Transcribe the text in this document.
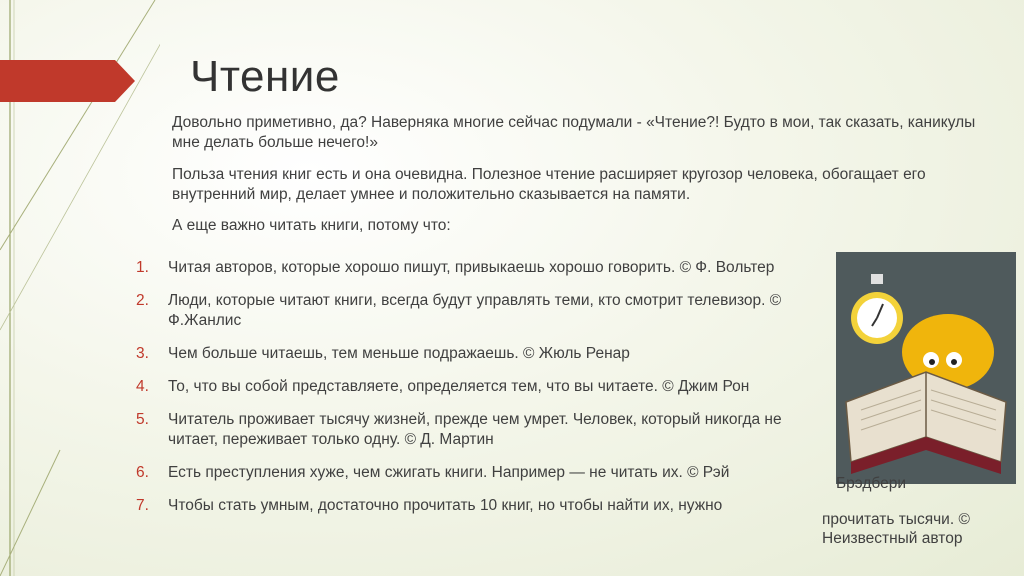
Чтение
Довольно приметивно, да? Наверняка многие сейчас подумали - «Чтение?! Будто в мои, так сказать, каникулы мне делать больше нечего!»
Польза чтения книг есть и она очевидна. Полезное чтение расширяет кругозор человека, обогащает его внутренний мир, делает умнее и положительно сказывается на памяти.
А еще важно читать книги, потому что:
1. Читая авторов, которые хорошо пишут, привыкаешь хорошо говорить. © Ф. Вольтер
2. Люди, которые читают книги, всегда будут управлять теми, кто смотрит телевизор. © Ф.Жанлис
3. Чем больше читаешь, тем меньше подражаешь. © Жюль Ренар
4. То, что вы собой представляете, определяется тем, что вы читаете. © Джим Рон
5. Читатель проживает тысячу жизней, прежде чем умрет. Человек, который никогда не читает, переживает только одну. © Д. Мартин
6. Есть преступления хуже, чем сжигать книги. Например — не читать их. © Рэй
7. Чтобы стать умным, достаточно прочитать 10 книг, но чтобы найти их, нужно
Брэдбери
прочитать тысячи. ©
Неизвестный автор
